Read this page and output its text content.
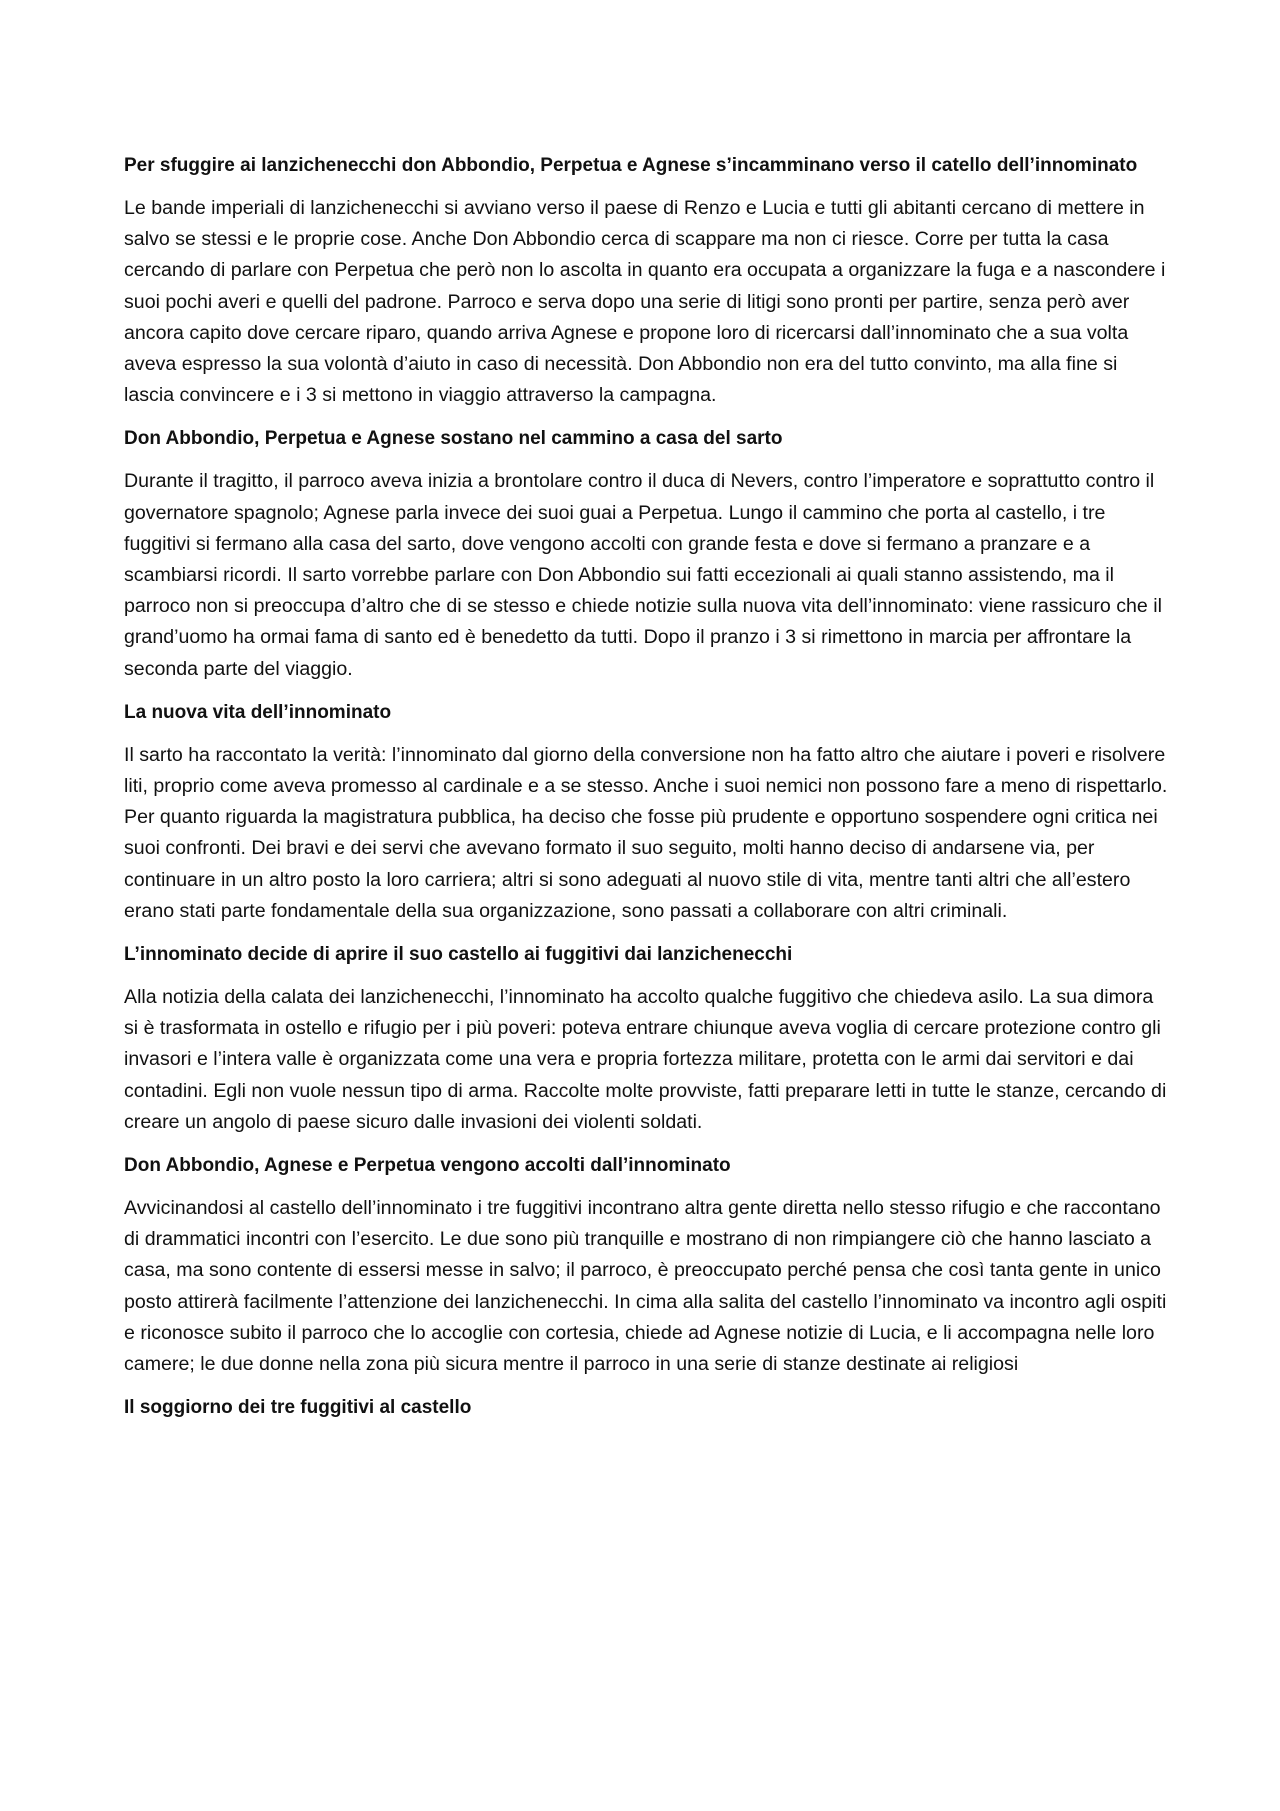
Per sfuggire ai lanzichenecchi don Abbondio, Perpetua e Agnese s’incamminano verso il catello dell’innominato

Le bande imperiali di lanzichenecchi si avviano verso il paese di Renzo e Lucia e tutti gli abitanti cercano di mettere in salvo se stessi e le proprie cose. Anche Don Abbondio cerca di scappare ma non ci riesce. Corre per tutta la casa cercando di parlare con Perpetua che però non lo ascolta in quanto era occupata a organizzare la fuga e a nascondere i suoi pochi averi e quelli del padrone. Parroco e serva dopo una serie di litigi sono pronti per partire, senza però aver ancora capito dove cercare riparo, quando arriva Agnese e propone loro di ricercarsi dall’innominato che a sua volta aveva espresso la sua volontà d’aiuto in caso di necessità. Don Abbondio non era del tutto convinto, ma alla fine si lascia convincere e i 3 si mettono in viaggio attraverso la campagna.

Don Abbondio, Perpetua e Agnese sostano nel cammino a casa del sarto

Durante il tragitto, il parroco aveva inizia a brontolare contro il duca di Nevers, contro l’imperatore e soprattutto contro il governatore spagnolo; Agnese parla invece dei suoi guai a Perpetua. Lungo il cammino che porta al castello, i tre fuggitivi si fermano alla casa del sarto, dove vengono accolti con grande festa e dove si fermano a pranzare e a scambiarsi ricordi. Il sarto vorrebbe parlare con Don Abbondio sui fatti eccezionali ai quali stanno assistendo, ma il parroco non si preoccupa d’altro che di se stesso e chiede notizie sulla nuova vita dell’innominato: viene rassicuro che il grand’uomo ha ormai fama di santo ed è benedetto da tutti. Dopo il pranzo i 3 si rimettono in marcia per affrontare la seconda parte del viaggio.

La nuova vita dell’innominato

Il sarto ha raccontato la verità: l’innominato dal giorno della conversione non ha fatto altro che aiutare i poveri e risolvere liti, proprio come aveva promesso al cardinale e a se stesso. Anche i suoi nemici non possono fare a meno di rispettarlo. Per quanto riguarda la magistratura pubblica, ha deciso che fosse più prudente e opportuno sospendere ogni critica nei suoi confronti. Dei bravi e dei servi che avevano formato il suo seguito, molti hanno deciso di andarsene via, per continuare in un altro posto la loro carriera; altri si sono adeguati al nuovo stile di vita, mentre tanti altri che all’estero erano stati parte fondamentale della sua organizzazione, sono passati a collaborare con altri criminali.

L’innominato decide di aprire il suo castello ai fuggitivi dai lanzichenecchi

Alla notizia della calata dei lanzichenecchi, l’innominato ha accolto qualche fuggitivo che chiedeva asilo. La sua dimora si è trasformata in ostello e rifugio per i più poveri: poteva entrare chiunque aveva voglia di cercare protezione contro gli invasori e l’intera valle è organizzata come una vera e propria fortezza militare, protetta con le armi dai servitori e dai contadini. Egli non vuole nessun tipo di arma. Raccolte molte provviste, fatti preparare letti in tutte le stanze, cercando di creare un angolo di paese sicuro dalle invasioni dei violenti soldati.

Don Abbondio, Agnese e Perpetua vengono accolti dall’innominato

Avvicinandosi al castello dell’innominato i tre fuggitivi incontrano altra gente diretta nello stesso rifugio e che raccontano di drammatici incontri con l’esercito. Le due sono più tranquille e mostrano di non rimpiangere ciò che hanno lasciato a casa, ma sono contente di essersi messe in salvo; il parroco, è preoccupato perché pensa che così tanta gente in unico posto attirerà facilmente l’attenzione dei lanzichenecchi. In cima alla salita del castello l’innominato va incontro agli ospiti e riconosce subito il parroco che lo accoglie con cortesia, chiede ad Agnese notizie di Lucia, e li accompagna nelle loro camere; le due donne nella zona più sicura mentre il parroco in una serie di stanze destinate ai religiosi

Il soggiorno dei tre fuggitivi al castello
